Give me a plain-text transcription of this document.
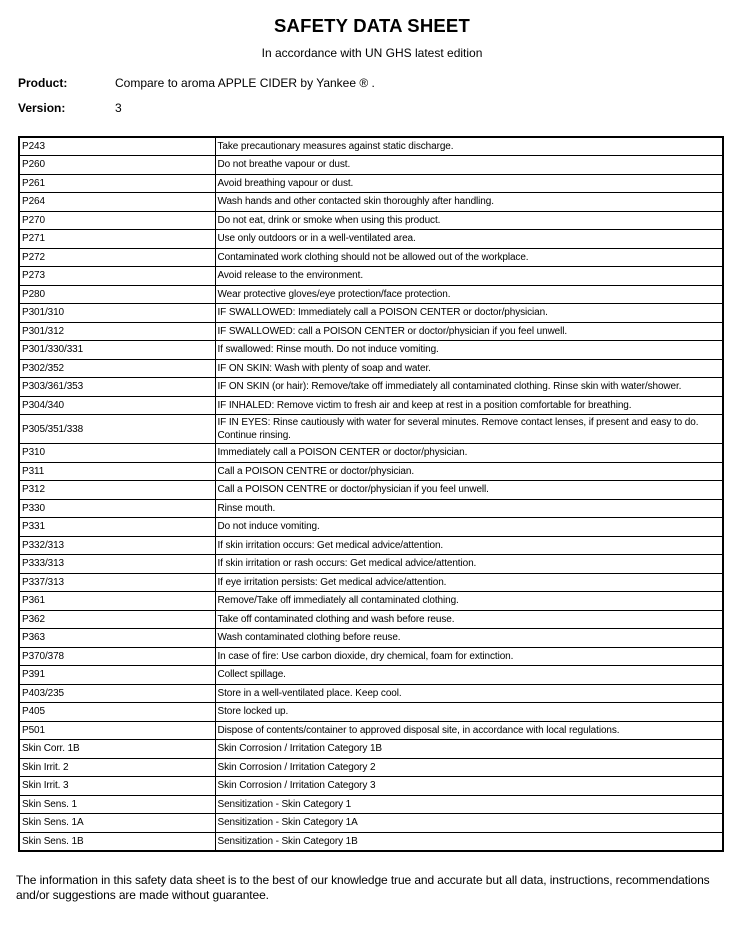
SAFETY DATA SHEET
In accordance with UN GHS latest edition
Product:	Compare to aroma APPLE CIDER by Yankee ® .
Version:	3
P243	Take precautionary measures against static discharge.
P260	Do not breathe vapour or dust.
P261	Avoid breathing vapour or dust.
P264	Wash hands and other contacted skin thoroughly after handling.
P270	Do not eat, drink or smoke when using this product.
P271	Use only outdoors or in a well-ventilated area.
P272	Contaminated work clothing should not be allowed out of the workplace.
P273	Avoid release to the environment.
P280	Wear protective gloves/eye protection/face protection.
P301/310	IF SWALLOWED: Immediately call a POISON CENTER or doctor/physician.
P301/312	IF SWALLOWED: call a POISON CENTER or doctor/physician if you feel unwell.
P301/330/331	If swallowed: Rinse mouth. Do not induce vomiting.
P302/352	IF ON SKIN: Wash with plenty of soap and water.
P303/361/353	IF ON SKIN (or hair): Remove/take off immediately all contaminated clothing. Rinse skin with water/shower.
P304/340	IF INHALED: Remove victim to fresh air and keep at rest in a position comfortable for breathing.
P305/351/338	IF IN EYES: Rinse cautiously with water for several minutes. Remove contact lenses, if present and easy to do. Continue rinsing.
P310	Immediately call a POISON CENTER or doctor/physician.
P311	Call a POISON CENTRE or doctor/physician.
P312	Call a POISON CENTRE or doctor/physician if you feel unwell.
P330	Rinse mouth.
P331	Do not induce vomiting.
P332/313	If skin irritation occurs: Get medical advice/attention.
P333/313	If skin irritation or rash occurs: Get medical advice/attention.
P337/313	If eye irritation persists: Get medical advice/attention.
P361	Remove/Take off immediately all contaminated clothing.
P362	Take off contaminated clothing and wash before reuse.
P363	Wash contaminated clothing before reuse.
P370/378	In case of fire: Use carbon dioxide, dry chemical, foam for extinction.
P391	Collect spillage.
P403/235	Store in a well-ventilated place. Keep cool.
P405	Store locked up.
P501	Dispose of contents/container to approved disposal site, in accordance with local regulations.
Skin Corr. 1B	Skin Corrosion / Irritation Category 1B
Skin Irrit. 2	Skin Corrosion / Irritation Category 2
Skin Irrit. 3	Skin Corrosion / Irritation Category 3
Skin Sens. 1	Sensitization - Skin Category 1
Skin Sens. 1A	Sensitization - Skin Category 1A
Skin Sens. 1B	Sensitization - Skin Category 1B

The information in this safety data sheet is to the best of our knowledge true and accurate but all data, instructions, recommendations and/or suggestions are made without guarantee.
